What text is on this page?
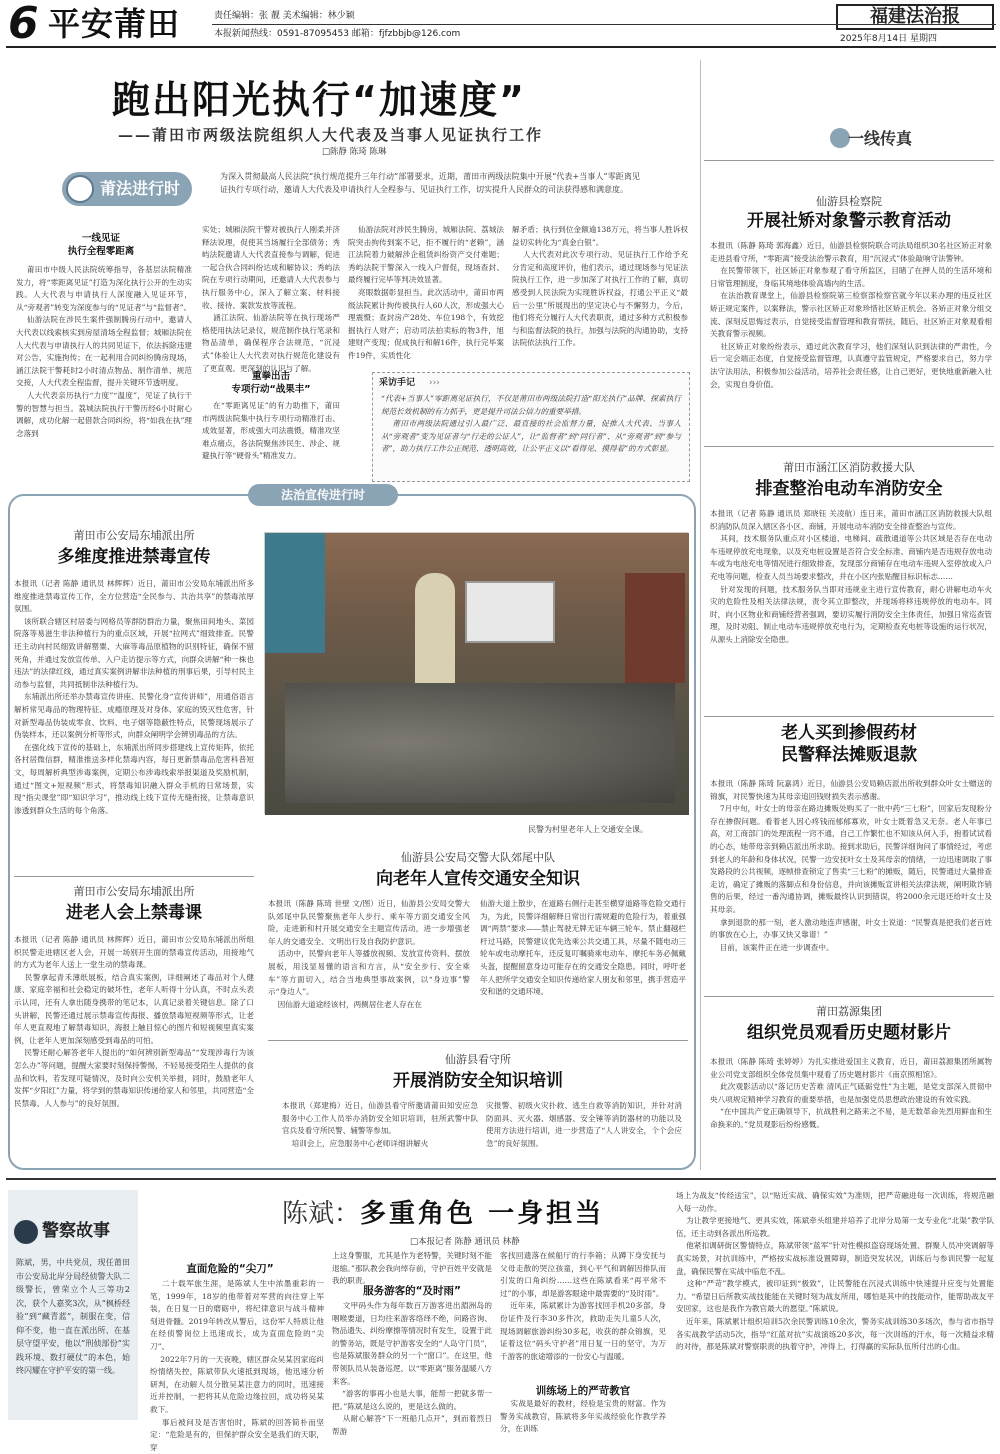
6 平安莆田	责任编辑：张 靓 美术编辑：林少颖
本报新闻热线：0591-87095453 邮箱：fjfzbbjb@126.com
福建法治报
2025年8月14日 星期四
跑出阳光执行“加速度”
——莆田市两级法院组织人大代表及当事人见证执行工作
□陈静 陈琦 陈琳
莆法进行时
为深入贯彻最高人民法院“执行规范提升三年行动”部署要求，近期，莆田市两级法院集中开展“代表+当事人”零距离见证执行专项行动，邀请人大代表及申请执行人全程参与、见证执行工作，切实提升人民群众的司法获得感和满意度。
一线见证
执行全程零距离
莆田市中级人民法院统筹指导，各基层法院精准发力，将“零距离见证”打造为深化执行公开的生动实践。人大代表与申请执行人深度融入见证环节，从“旁观者”转变为深度参与的“见证者”与“监督者”。
仙游法院在涉民生案件强制腾房行动中，邀请人大代表以线索核实到房屋清场全程监督；城厢法院在人大代表与申请执行人的共同见证下，依法拆除违建对公告，实施拘传；在一起利用合同纠纷腾房现场，涵江法院干警耗时2小时清点物品、制作清单、规范交接，人大代表全程监督，提升关键环节透明度。
人大代表亲历执行“力度”“温度”，见证了执行干警的智慧与担当。荔城法院执行干警历经6小时耐心调解，成功化解一起借款合同纠纷，将“如我在执”理念落到
实处；城厢法院干警对被执行人刚柔并济释法说理，促使其当场履行全部债务；秀屿法院邀请人大代表直接参与调解，促进一起合伙合同纠纷达成和解协议；秀屿法院在专项行动期间，还邀请人大代表参与执行服务中心，深入了解立案、材料接收、接待、案款发放等流程。
涵江法院、仙游法院等在执行现场严格使用执法记录仪，规范制作执行笔录和物品清单，确保程序合法规范，“沉浸式”体验让人大代表对执行规范化建设有了更直观、更深刻的认识与了解。
重拳出击
专项行动“战果丰”
在“零距离见证”的有力助推下，莆田市两级法院集中执行专项行动精准打击、成效显著，形成强大司法震慑，精准攻坚难点痛点，各法院聚焦涉民生、涉企、规避执行等“硬骨头”精准发力。
仙游法院对涉民生腾房，城厢法院、荔城法院突击拘传到案不记，拒不履行的“老赖”，涵江法院着力破解涉企租赁纠纷资产交付难题；秀屿法院干警深入一线入户督促，现场查封、最终履行完毕等判决效显著。
亮眼数据彰显担当。此次活动中，莆田市两级法院累计拘传被执行人60人次，形成强大心理震慑；查封房产28处、车位198个，有效挖掘执行人财产；启动司法拍卖标的物3件，旭建财产变现；促成执行和解16件，执行完毕案件19件，实质性化
解矛盾；执行到位金额逾138万元，将当事人胜诉权益切实转化为“真金白银”。
人大代表对此次专项行动、见证执行工作给予充分肯定和高度评价，他们表示，通过现场参与见证法院执行工作，进一步加深了对执行工作的了解，真切感受到人民法院为实现胜诉权益，打通公平正义“最后一公里”所展现出的坚定决心与不懈努力，今后，他们将充分履行人大代表职责，通过多种方式积极参与和监督法院的执行，加强与法院的沟通协助，支持法院依法执行工作。
采访手记 ›››
“代表+当事人”零距离见证执行，不仅是莆田市两级法院打造“阳光执行”品牌、探索执行规范长效机制的有力抓手，更是提升司法公信力的重要举措。
莆田市两级法院通过引入最广泛、最直接的社会监督力量，促推人大代表、当事人从“旁观者”变为见证者与“行走的公证人”，让“监督者”到“同行者”、从“旁观者”到“参与者”，助力执行工作公正规范、透明高效，让公平正义以“看得见、摸得着”的方式彰显。
一线传真
仙游县检察院
开展社矫对象警示教育活动
本报讯（陈静 陈琦 郭海鑫）近日，仙游县检察院联合司法局组织30名社区矫正对象走进县看守所，“零距离”接受法治警示教育，用“沉浸式”体验敲响守法警钟。
在民警带领下，社区矫正对象参观了看守所监区，目睹了在押人员的生活环境和日常管理制度，身临其境地体验高墙内的生活。
在法治教育课堂上，仙游县检察院第三检察部检察官就今年以来办理的违反社区矫正规定案件，以案释法，警示社区矫正对象珍惜社区矫正机会。各矫正对象分组交流、深刻反思悔过表示，自觉接受监督管理和教育帮扶，随后，社区矫正对象观看相关教育警示视频。
社区矫正对象纷纷表示，通过此次教育学习，他们深刻认识到法律的严肃性，今后一定会端正态度，自觉接受监督管理，认真遵守监管规定，严格要求自己，努力学法守法用法，积极参加公益活动，培养社会责任感，让自己更好，更快地重新融入社会，实现自身价值。
莆田市涵江区消防救援大队
排查整治电动车消防安全
本报讯（记者 陈静 通讯员 郑晓钰 关凌航）连日来，莆田市涵江区消防救援大队组织消防队员深入辖区各小区、商铺，开展电动车消防安全排查整治与宣传。
其间，技术服务队重点对小区楼道、电梯间、疏散通道等公共区域是否存在电动车违规停放充电现象，以及充电桩设置是否符合安全标准、商铺内是否违规存放电动车或为电池充电等情况进行细致排查，发现部分商铺存在电动车违规入室停放或入户充电等问题，检查人员当场要求整改，并在小区内张贴醒目标识标志……
针对发现的问题，技术服务队当即对违规业主进行宣传教育，耐心讲解电动车火灾的危险性及相关法律法规，责令其立即整改，并现场将移违规停放的电动车。同时，向小区物业和商铺经营者强调，要切实履行消防安全主体责任，加强日常巡查管理，及时劝阻、制止电动车违规停放充电行为，定期检查充电桩等设施的运行状况，从源头上消除安全隐患。
老人买到掺假药材
民警释法摊贩退款
本报讯（陈静 陈琦 阮嘉鸿）近日，仙游县公安局赖店派出所收到群众叶女士赠送的锦旗，对民警快速为其母亲追回钱财损失表示感谢。
7月中旬，叶女士的母亲在路边摊贩处购买了一批中药“三七粉”，回家后发现粉分存在掺假问题。看着老人因心疼钱而郁郁寡欢，叶女士既着急又无奈。老人年事已高，对工商部门的处理流程一窍不通，自己工作繁忙也不知该从何入手，抱着试试看的心态，她带母亲到赖店派出所求助。接到求助后，民警详细询问了事情经过，考虑到老人的年龄和身体状况，民警一边安抚叶女士及其母亲的情绪，一边迅速调取了事发路段的公共视频，逐帧排查锁定了售卖“三七粉”的摊贩，随后，民警通过大量排查走访，确定了摊贩的落脚点和身份信息，并向该摊贩宣讲相关法律法规，阐明欺诈销售的后果，经过一番沟通协调，摊贩最终认识到错误，将2000余元退还给叶女士及其母亲。
拿到退款的那一刻，老人激动地连声感谢，叶女士说道：“民警真是把我们老百姓的事放在心上，办事又快又靠谱！”
目前，该案件正在进一步调查中。
莆田荔源集团
组织党员观看历史题材影片
本报讯（陈静 陈琦 张婷婷）为扎实推进爱国主义教育，近日，莆田荔源集团所属物业公司党支部组织全体党员集中观看了历史题材影片《南京照相馆》。
此次观影活动以“落记历史苦难 清风正气砥砺党性”为主题，是党支部深入贯彻中央八项规定精神学习教育的重要举措，也是加强党员思想政治建设的有效实践。
“在中国共产党正确领导下，抗战胜利之路来之不易，是无数革命先烈用鲜血和生命换来的。”党员观影后纷纷感慨。
法治宣传进行时
莆田市公安局东埔派出所
多维度推进禁毒宣传
本报讯（记者 陈静 通讯员 林辉辉）近日，莆田市公安局东埔派出所多维度推进禁毒宣传工作，全方位营造“全民参与、共治共享”的禁毒浓厚氛围。
该所联合辖区村居委与网格员等群防群治力量，聚焦田间地头、菜园院落等易滋生非法种植行为的重点区域，开展“拉网式”细致排查。民警还主动向村民细致讲解罂粟、大麻等毒品原植物的识别特征，确保不留死角，并通过发放宣传单、入户走访提示等方式，向群众讲解“种一株也违法”的法律红线，通过真实案例讲解非法种植的刑事后果，引导村民主动参与监督，共同抵制非法种植行为。
东埔派出所还举办禁毒宣传讲座、民警化身“宣传讲师”，用通俗语言解析常见毒品的物理特征、成瘾原理及对身体、家庭的毁灭性危害，针对新型毒品伪装成零食、饮料、电子烟等隐蔽性特点，民警现场展示了伪装样本，还以案例分析等形式，向群众阐明学会辨别毒品的方法。
在强化线下宣传的基础上，东埔派出所同步搭建线上宣传矩阵，依托各村居微信群，精准推送多样化禁毒内容，每日更新禁毒品危害科普短文，每周解析典型涉毒案例，定期公布涉毒线索举报渠道及奖励机制，通过“图文+短视频”形式，将禁毒知识融入群众手机的日常场景，实现“指尖课堂”即“知识学习”，推动线上线下宣传无缝衔接，让禁毒意识渗透到群众生活的每个角落。
莆田市公安局东埔派出所
进老人会上禁毒课
本报讯（记者 陈静 通讯员 林辉辉）近日，莆田市公安局东埔派出所组织民警走进辖区老人会，开展一场别开生面的禁毒宣传活动，用接地气的方式为老年人送上一堂生动的禁毒课。
民警拿起青禾薄纸展板，结合真实案例，详细阐述了毒品对个人健康、家庭幸福和社会稳定的破坏性，老年人听得十分认真，不时点头表示认同，还有人拿出随身携带的笔记本，认真记录着关键信息。除了口头讲解，民警还通过展示禁毒宣传海报、播放禁毒短视频等形式，让老年人更直观地了解禁毒知识，海报上触目惊心的图片和短视频里真实案例，让老年人更加深刻感受到毒品的可怕。
民警还耐心解答老年人提出的“如何辨别新型毒品”“发现涉毒行为该怎么办”等问题，提醒大家要时刻保持警惕，不轻易接受陌生人提供的食品和饮料，若发现可疑情况，及时向公安机关举报，同时，鼓励老年人发挥“夕阳红”力量，将学到的禁毒知识传递给家人和邻里，共同营造“全民禁毒、人人参与”的良好氛围。
民警为村里老年人上交通安全课。
仙游县公安局交警大队郊尾中队
向老年人宣传交通安全知识
本报讯（陈静 陈琦 世壁 文/图）近日，仙游县公安局交警大队郊尾中队民警聚焦老年人步行、乘车等方面交通安全风险，走进新和村开展交通安全主题宣传活动，进一步增强老年人的交通安全、文明出行及自我防护意识。
活动中，民警向老年人等播放视频、发放宣传资料、摆放展板，用浅显易懂的语言和方言，从“安全步行、安全乘车”等方面切入，结合当地典型事故案例，以“身边事”警示“身边人”。
因仙游大道途经该村，两侧居住老人存在在
仙游大道上散步，在道路右侧行走甚至横穿道路等危险交通行为，为此，民警详细解释日常出行需规避的危险行为，着重强调“两禁”要求——禁止驾驶无牌无证车辆三轮车、禁止翻越栏杆过马路，民警建议优先选乘公共交通工具，尽量不随电动三轮车或电动摩托车，还反复叮嘱骑乘电动车、摩托车务必佩戴头盔，提醒留意身边可能存在的交通安全隐患。同时，呼吁老年人把所学交通安全知识传递给家人朋友和邻里，携手营造平安和谐的交通环境。
仙游县看守所
开展消防安全知识培训
本报讯（郑建梅）近日，仙游县看守所邀请莆田知安应急服务中心工作人员举办消防安全知识培训，驻所武警中队官兵及看守所民警、辅警等参加。
培训会上，应急服务中心老师详细讲解火
灾报警、初级火灾扑救、逃生自救等消防知识，并针对消防面具、灭火器、烟感器、安全锤等消防器材的功能以及使用方法进行培训，进一步营造了“人人讲安全，个个会应急”的良好氛围。
警察故事
陈斌，男，中共党员，现任莆田市公安局北岸分局经侦警大队二级警长，曾荣立个人三等功2次，获个人嘉奖3次，从“枫桥经验”到“藏青蓝”，制服在变，信仰不变，他一直在派出所、在基层守望平安，他以“刑侦部份”实践环境、数打硬仗”的本色，始终闪耀在守护平安的第一线。
陈斌：多重角色 一身担当
□本报记者 陈静 通讯员 林静
直面危险的“尖刀”
二十载军旅生涯，是陈斌人生中浓墨重彩的一笔，1999年，18岁的他带着对军营的向往穿上军装，在日复一日的磨砺中，将纪律意识与战斗精神刻进骨髓。2019年转改从警后，这份军人特质让他在经侦警岗位上迅速成长，成为直面危险的“尖刀”。
2022年7月的一天夜晚，辖区群众吴某因家庭纠纷情绪失控，陈斌带队火速抵到现场，他迅速分析研判，在动解人员分散吴某注意力的同时，迅速接近并控制，一把将其从危险边缘拉回，成功将吴某救下。
事后被问及是否害怕时，陈斌的回答简朴而坚定：“危险是有的，但保护群众安全是我们的天职，穿
上这身警服，尤其是作为老特警，关键时刻不能退缩。”那队教会我向绰存前，守护百姓平安就是我的职责。
服务游客的“及时雨”
文甲码头作为每年数百万游客进出湄洲岛的咽喉要道，日均往来游客络绎不绝，问路咨询、物品遗失、纠纷摩擦等情况时有发生，设置于此的警务站，既是守护游客安全的“人岛守门员”，也是陈斌服务群众的另一个“窗口”。在这里，他带领队员从装备巡逻、以“零距离”服务温暖八方来客。
“游客的事再小也是大事，能帮一把就多帮一把。”陈斌是这么说的，更是这么做的。
从耐心解答“下一班船几点开”，到而着烈日帮游
客找回遗落在候船厅的行李箱；从蹲下身安抚与父母走散的哭泣孩童，到心平气和调解因排队而引发的口角纠纷……这些在陈斌看来“再平常不过”的小事，却是游客眼途中最需要的“及时雨”。
近年来，陈斌累计为游客找回手机20多部，身份证件及行李30多件次，救助走失儿童5人次，现场调解旅游纠纷30多起，收获的群众锦旗，见证着这位“码头守护者”用日复一日的坚守，为万千游客的旅途增添的一份安心与温暖。
训练场上的严苛教官
实战是最好的教材，经验是宝贵的财富。作为警务实战教官，陈斌将多年实战经验化作教学养分，在训练
场上为战友“传经送宝”，以“贴近实战、确保实效”为准则，把严苛融进每一次训练，将规范融入每一动作。
为让教学更接地气、更具实效，陈斌牵头组建并培养了北岸分局第一支专业化“北渠”教学队伍，还主动到各派出所巡教。
他紧扣调研街区警情特点，陈斌带领“蓝军”针对性模拟盗窃现场处置、群聚人员冲突调解等真实场景，对抗训练中，严格按实战标准设置障碍，制造突发状况，训练后与参训民警一起复盘，确保民警在实战中临危不乱。
这种“严苛”教学模式，被印证到“极致”，让民警能在沉浸式训练中快速提升应变与处置能力。“希望日后所教实战技能能在关键时刻为战友所用，哪怕是其中的技能动作，能帮助战友平安回家，这也是我作为教官最大的愿望。”陈斌说。
近年来，陈斌累计组织培训5次余民警训练10余次，警务实战训练30多场次，参与省市指导各实战教学活动5次，指导“红蓝对抗”实战演练20多次，每一次训练的汗水，每一次精益求精的对待，都是陈斌对警察职责的执着守护，冲得上、打得赢的实际队伍所付出的心血。
